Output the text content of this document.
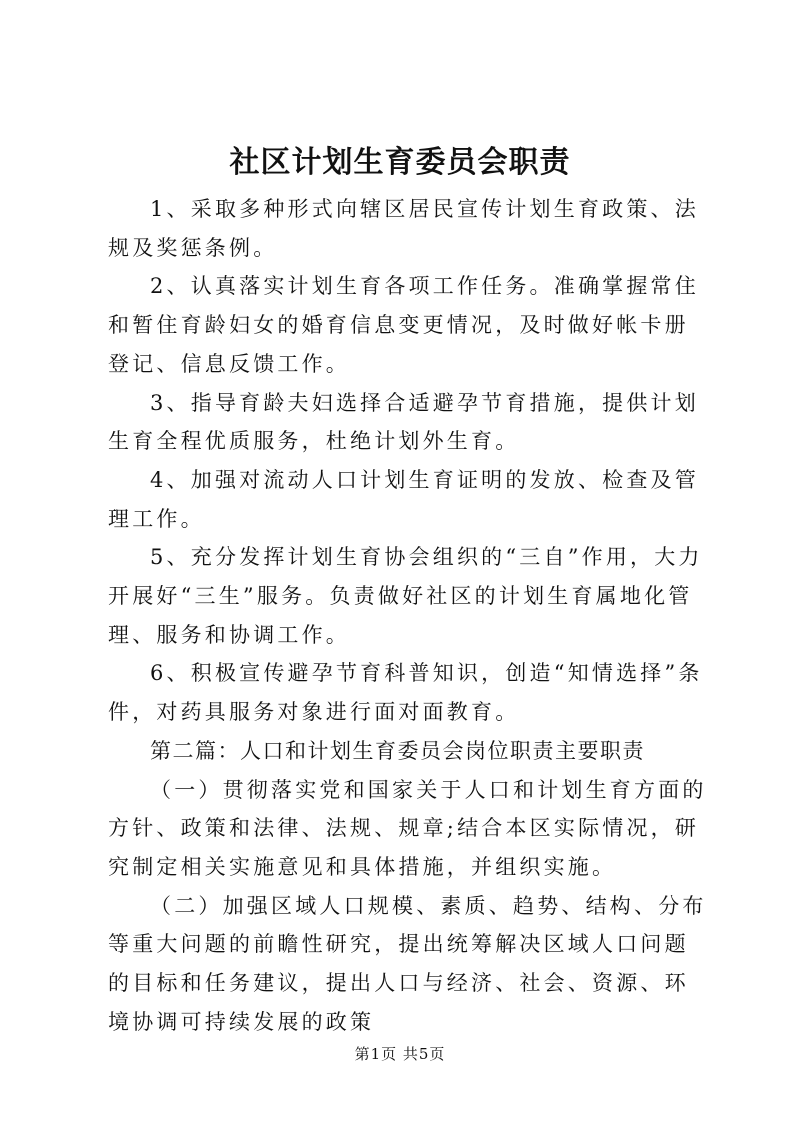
社区计划生育委员会职责

1、采取多种形式向辖区居民宣传计划生育政策、法规及奖惩条例。

2、认真落实计划生育各项工作任务。准确掌握常住和暂住育龄妇女的婚育信息变更情况，及时做好帐卡册登记、信息反馈工作。

3、指导育龄夫妇选择合适避孕节育措施，提供计划生育全程优质服务，杜绝计划外生育。

4、加强对流动人口计划生育证明的发放、检查及管理工作。

5、充分发挥计划生育协会组织的“三自”作用，大力开展好“三生”服务。负责做好社区的计划生育属地化管理、服务和协调工作。

6、积极宣传避孕节育科普知识，创造“知情选择”条件，对药具服务对象进行面对面教育。

第二篇：人口和计划生育委员会岗位职责主要职责

（一）贯彻落实党和国家关于人口和计划生育方面的方针、政策和法律、法规、规章;结合本区实际情况，研究制定相关实施意见和具体措施，并组织实施。

（二）加强区域人口规模、素质、趋势、结构、分布等重大问题的前瞻性研究，提出统筹解决区域人口问题的目标和任务建议，提出人口与经济、社会、资源、环境协调可持续发展的政策

第1页 共5页
